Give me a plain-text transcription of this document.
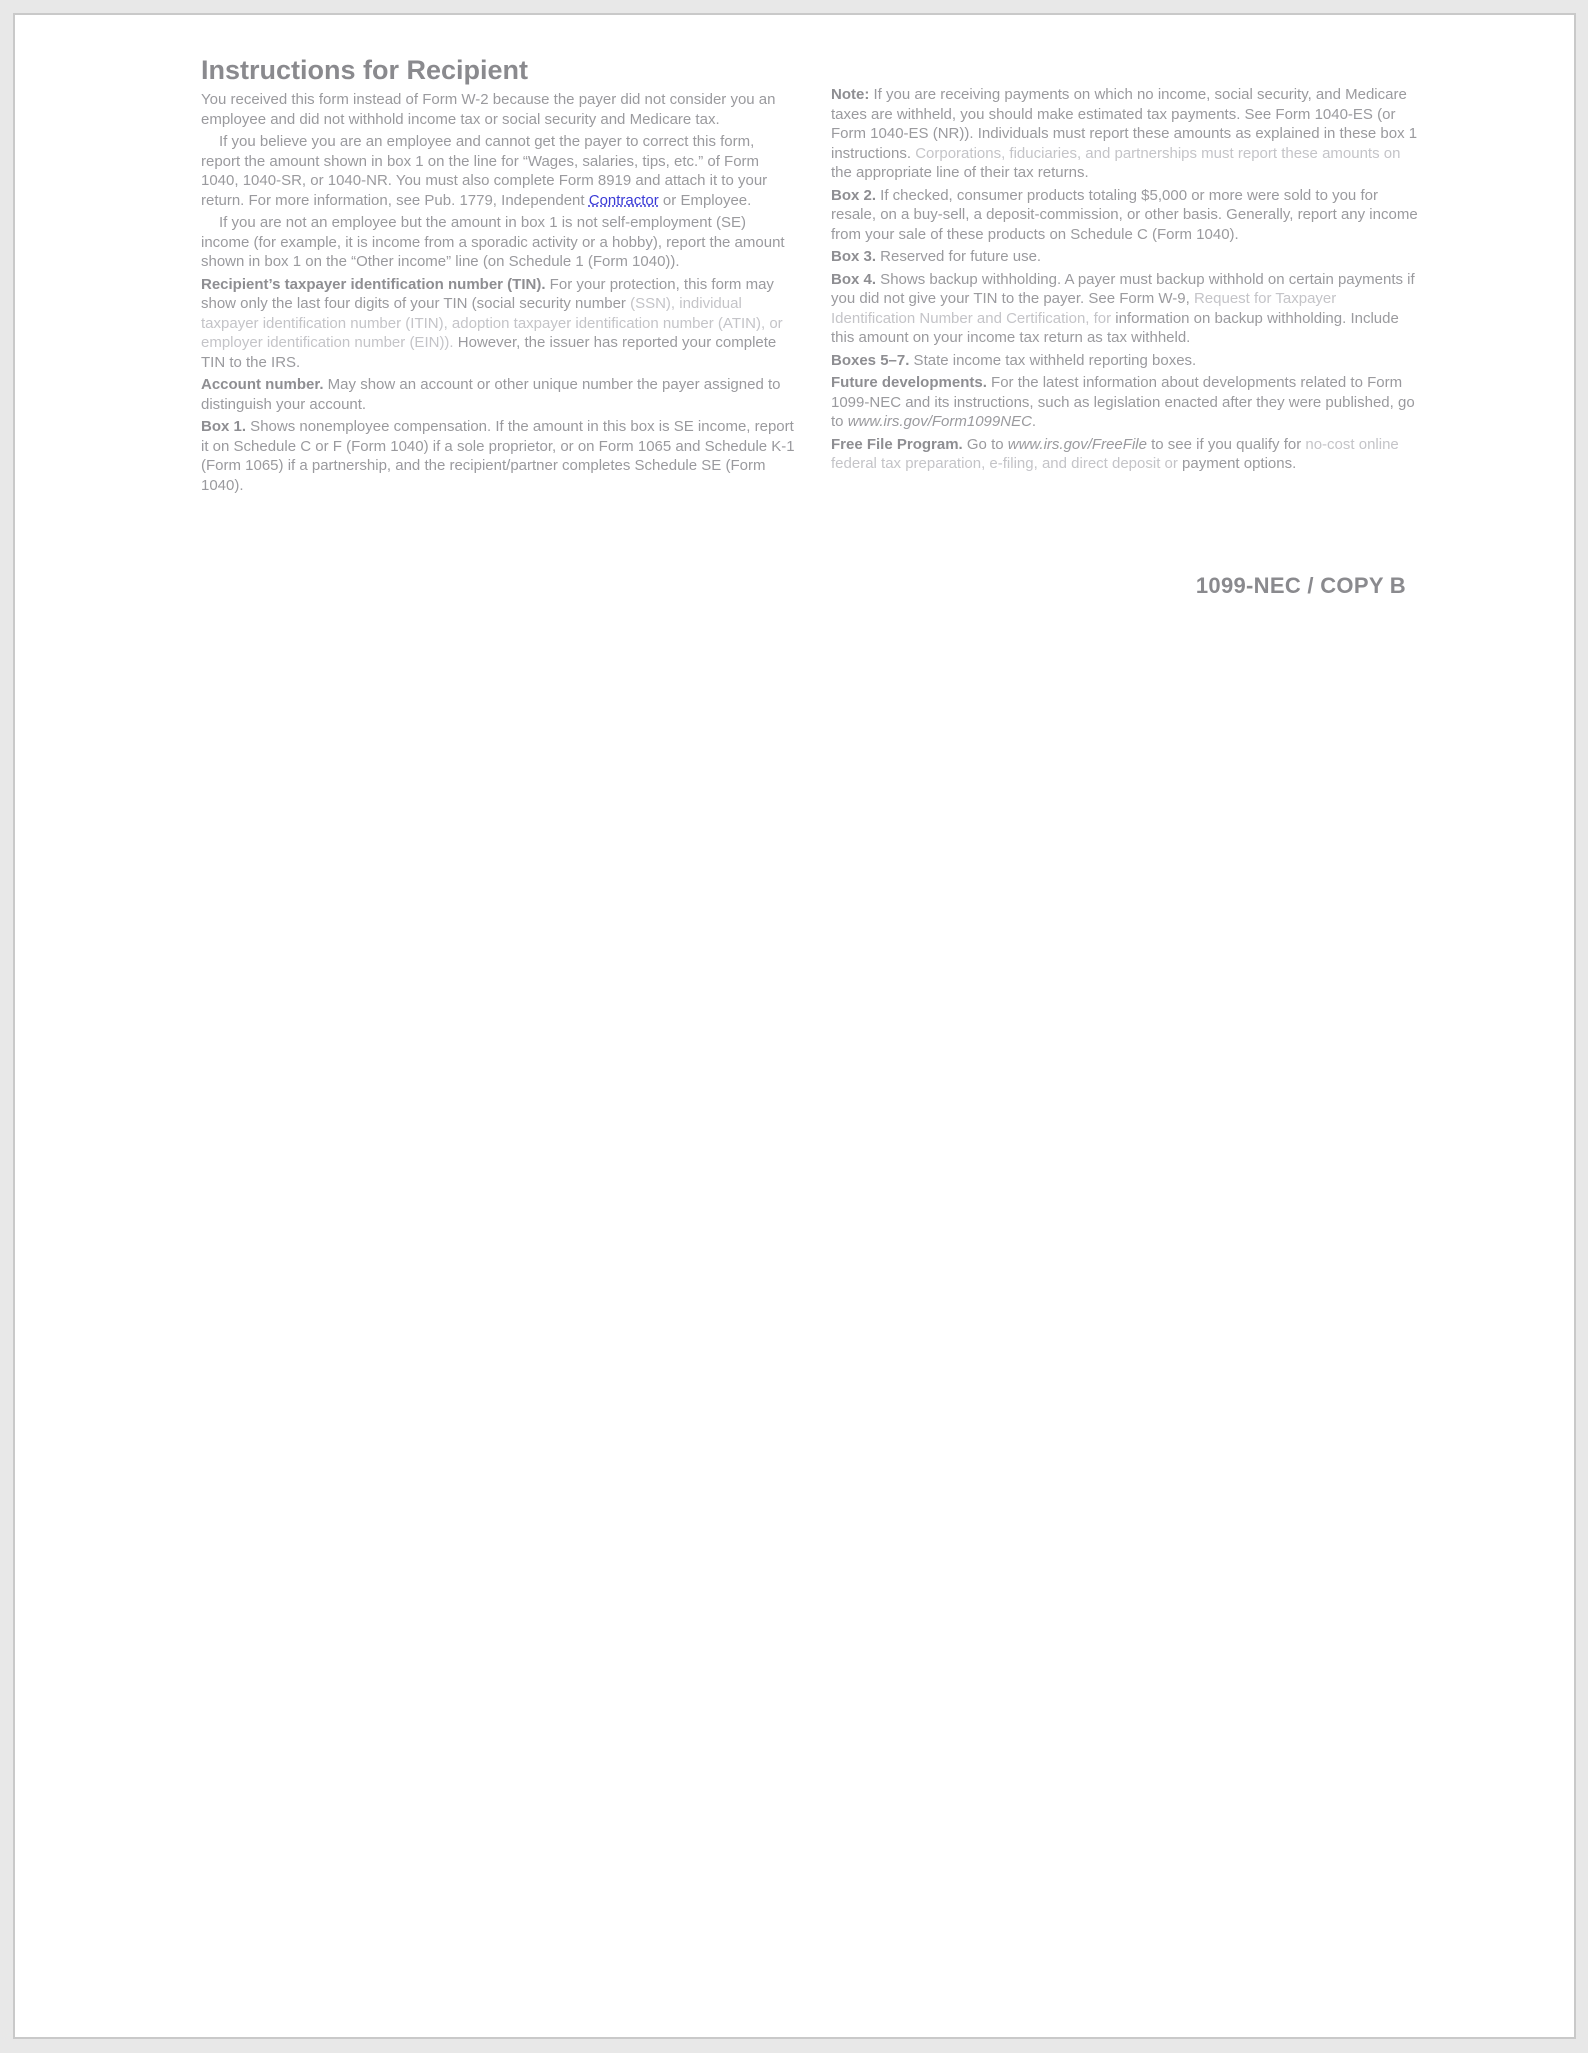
Instructions for Recipient

You received this form instead of Form W-2 because the payer did not consider you an employee and did not withhold income tax or social security and Medicare tax.

If you believe you are an employee and cannot get the payer to correct this form, report the amount shown in box 1 on the line for “Wages, salaries, tips, etc.” of Form 1040, 1040-SR, or 1040-NR. You must also complete Form 8919 and attach it to your return. For more information, see Pub. 1779, Independent Contractor or Employee.

If you are not an employee but the amount in box 1 is not self-employment (SE) income (for example, it is income from a sporadic activity or a hobby), report the amount shown in box 1 on the “Other income” line (on Schedule 1 (Form 1040)).

Recipient’s taxpayer identification number (TIN). For your protection, this form may show only the last four digits of your TIN (social security number (SSN), individual taxpayer identification number (ITIN), adoption taxpayer identification number (ATIN), or employer identification number (EIN)). However, the issuer has reported your complete TIN to the IRS.

Account number. May show an account or other unique number the payer assigned to distinguish your account.

Box 1. Shows nonemployee compensation. If the amount in this box is SE income, report it on Schedule C or F (Form 1040) if a sole proprietor, or on Form 1065 and Schedule K-1 (Form 1065) if a partnership, and the recipient/partner completes Schedule SE (Form 1040).

Note: If you are receiving payments on which no income, social security, and Medicare taxes are withheld, you should make estimated tax payments. See Form 1040-ES (or Form 1040-ES (NR)). Individuals must report these amounts as explained in these box 1 instructions. Corporations, fiduciaries, and partnerships must report these amounts on the appropriate line of their tax returns.

Box 2. If checked, consumer products totaling $5,000 or more were sold to you for resale, on a buy-sell, a deposit-commission, or other basis. Generally, report any income from your sale of these products on Schedule C (Form 1040).

Box 3. Reserved for future use.

Box 4. Shows backup withholding. A payer must backup withhold on certain payments if you did not give your TIN to the payer. See Form W-9, Request for Taxpayer Identification Number and Certification, for information on backup withholding. Include this amount on your income tax return as tax withheld.

Boxes 5–7. State income tax withheld reporting boxes.

Future developments. For the latest information about developments related to Form 1099-NEC and its instructions, such as legislation enacted after they were published, go to www.irs.gov/Form1099NEC.

Free File Program. Go to www.irs.gov/FreeFile to see if you qualify for no-cost online federal tax preparation, e-filing, and direct deposit or payment options.

1099-NEC / COPY B
